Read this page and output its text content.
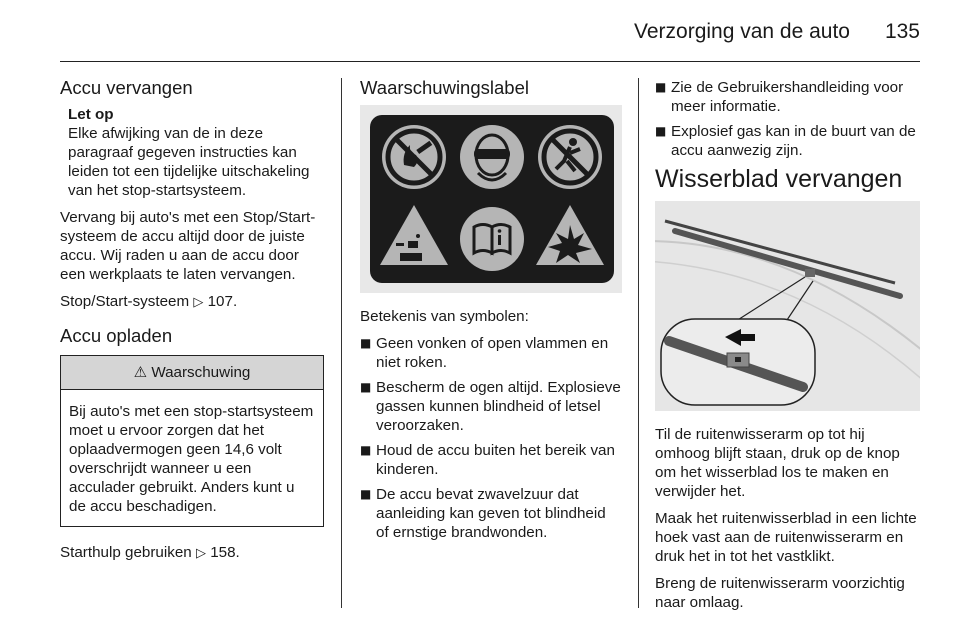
Verzorging van de auto 135
Accu vervangen
Let op
Elke afwijking van de in deze paragraaf gegeven instructies kan leiden tot een tijdelijke uitschakeling van het stop-startsysteem.

Vervang bij auto's met een Stop/Start-systeem de accu altijd door de juiste accu. Wij raden u aan de accu door een werkplaats te laten vervangen.

Stop/Start-systeem ▷ 107.

Accu opladen
⚠ Waarschuwing
Bij auto's met een stop-startsysteem moet u ervoor zorgen dat het oplaadvermogen geen 14,6 volt overschrijdt wanneer u een acculader gebruikt. Anders kunt u de accu beschadigen.

Starthulp gebruiken ▷ 158.

Waarschuwingslabel

Betekenis van symbolen:

■ Geen vonken of open vlammen en niet roken.
■ Bescherm de ogen altijd. Explosieve gassen kunnen blindheid of letsel veroorzaken.
■ Houd de accu buiten het bereik van kinderen.
■ De accu bevat zwavelzuur dat aanleiding kan geven tot blindheid of ernstige brandwonden.
■ Zie de Gebruikershandleiding voor meer informatie.
■ Explosief gas kan in de buurt van de accu aanwezig zijn.
Wisserblad vervangen

Til de ruitenwisserarm op tot hij omhoog blijft staan, druk op de knop om het wisserblad los te maken en verwijder het.

Maak het ruitenwisserblad in een lichte hoek vast aan de ruitenwisserarm en druk het in tot het vastklikt.

Breng de ruitenwisserarm voorzichtig naar omlaag.
